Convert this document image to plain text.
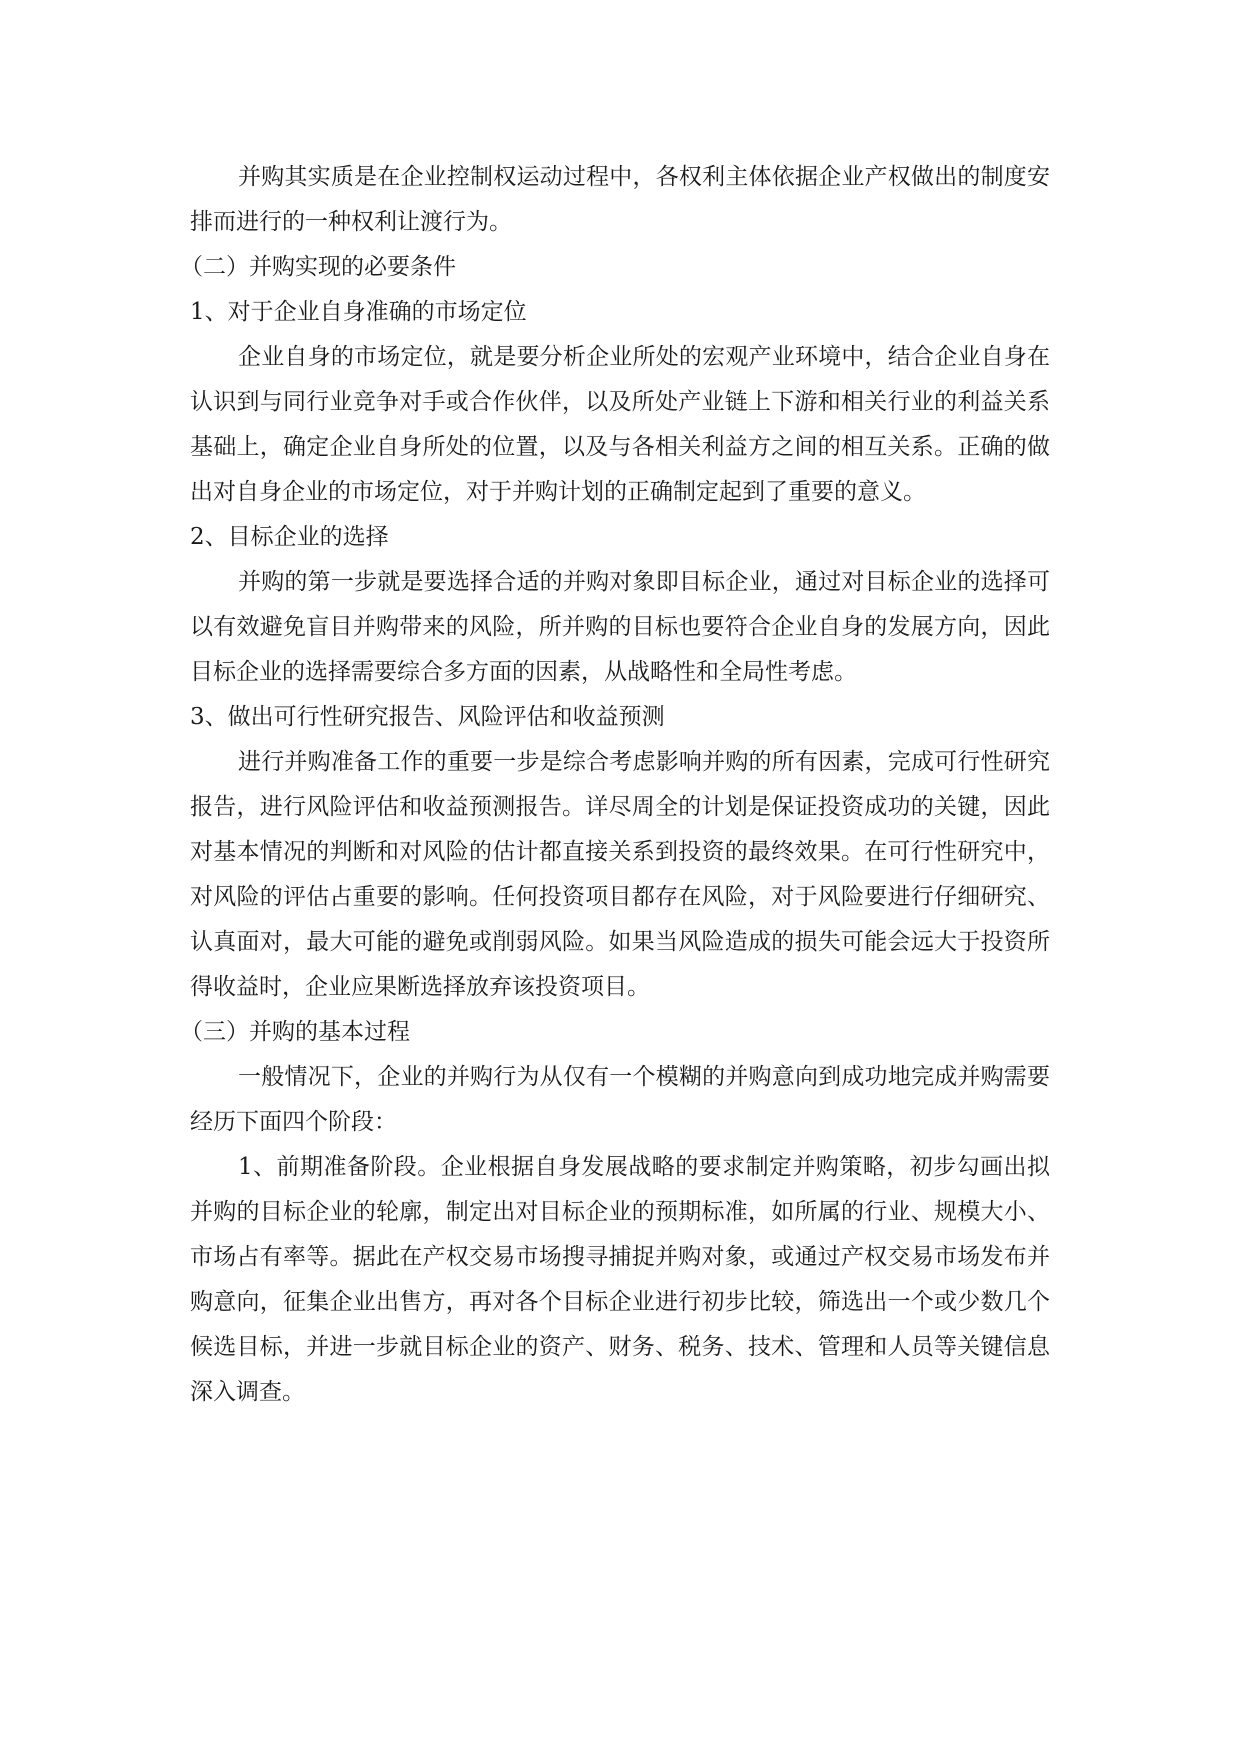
并购其实质是在企业控制权运动过程中，各权利主体依据企业产权做出的制度安排而进行的一种权利让渡行为。

（二）并购实现的必要条件

1、对于企业自身准确的市场定位

企业自身的市场定位，就是要分析企业所处的宏观产业环境中，结合企业自身在认识到与同行业竞争对手或合作伙伴，以及所处产业链上下游和相关行业的利益关系基础上，确定企业自身所处的位置，以及与各相关利益方之间的相互关系。正确的做出对自身企业的市场定位，对于并购计划的正确制定起到了重要的意义。

2、目标企业的选择

并购的第一步就是要选择合适的并购对象即目标企业，通过对目标企业的选择可以有效避免盲目并购带来的风险，所并购的目标也要符合企业自身的发展方向，因此目标企业的选择需要综合多方面的因素，从战略性和全局性考虑。

3、做出可行性研究报告、风险评估和收益预测

进行并购准备工作的重要一步是综合考虑影响并购的所有因素，完成可行性研究报告，进行风险评估和收益预测报告。详尽周全的计划是保证投资成功的关键，因此对基本情况的判断和对风险的估计都直接关系到投资的最终效果。在可行性研究中，对风险的评估占重要的影响。任何投资项目都存在风险，对于风险要进行仔细研究、认真面对，最大可能的避免或削弱风险。如果当风险造成的损失可能会远大于投资所得收益时，企业应果断选择放弃该投资项目。

（三）并购的基本过程

一般情况下，企业的并购行为从仅有一个模糊的并购意向到成功地完成并购需要经历下面四个阶段：

1、前期准备阶段。企业根据自身发展战略的要求制定并购策略，初步勾画出拟并购的目标企业的轮廓，制定出对目标企业的预期标准，如所属的行业、规模大小、市场占有率等。据此在产权交易市场搜寻捕捉并购对象，或通过产权交易市场发布并购意向，征集企业出售方，再对各个目标企业进行初步比较，筛选出一个或少数几个候选目标，并进一步就目标企业的资产、财务、税务、技术、管理和人员等关键信息深入调查。
